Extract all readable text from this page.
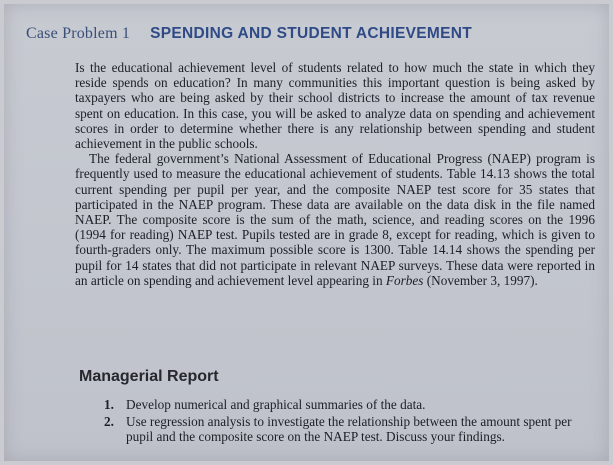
Case Problem 1 SPENDING AND STUDENT ACHIEVEMENT

Is the educational achievement level of students related to how much the state in which they reside spends on education? In many communities this important question is being asked by taxpayers who are being asked by their school districts to increase the amount of tax revenue spent on education. In this case, you will be asked to analyze data on spending and achievement scores in order to determine whether there is any relationship between spending and student achievement in the public schools.

The federal government’s National Assessment of Educational Progress (NAEP) program is frequently used to measure the educational achievement of students. Table 14.13 shows the total current spending per pupil per year, and the composite NAEP test score for 35 states that participated in the NAEP program. These data are available on the data disk in the file named NAEP. The composite score is the sum of the math, science, and reading scores on the 1996 (1994 for reading) NAEP test. Pupils tested are in grade 8, except for reading, which is given to fourth-graders only. The maximum possible score is 1300. Table 14.14 shows the spending per pupil for 14 states that did not participate in relevant NAEP surveys. These data were reported in an article on spending and achievement level appearing in Forbes (November 3, 1997).

Managerial Report
1. Develop numerical and graphical summaries of the data.
2. Use regression analysis to investigate the relationship between the amount spent per pupil and the composite score on the NAEP test. Discuss your findings.
